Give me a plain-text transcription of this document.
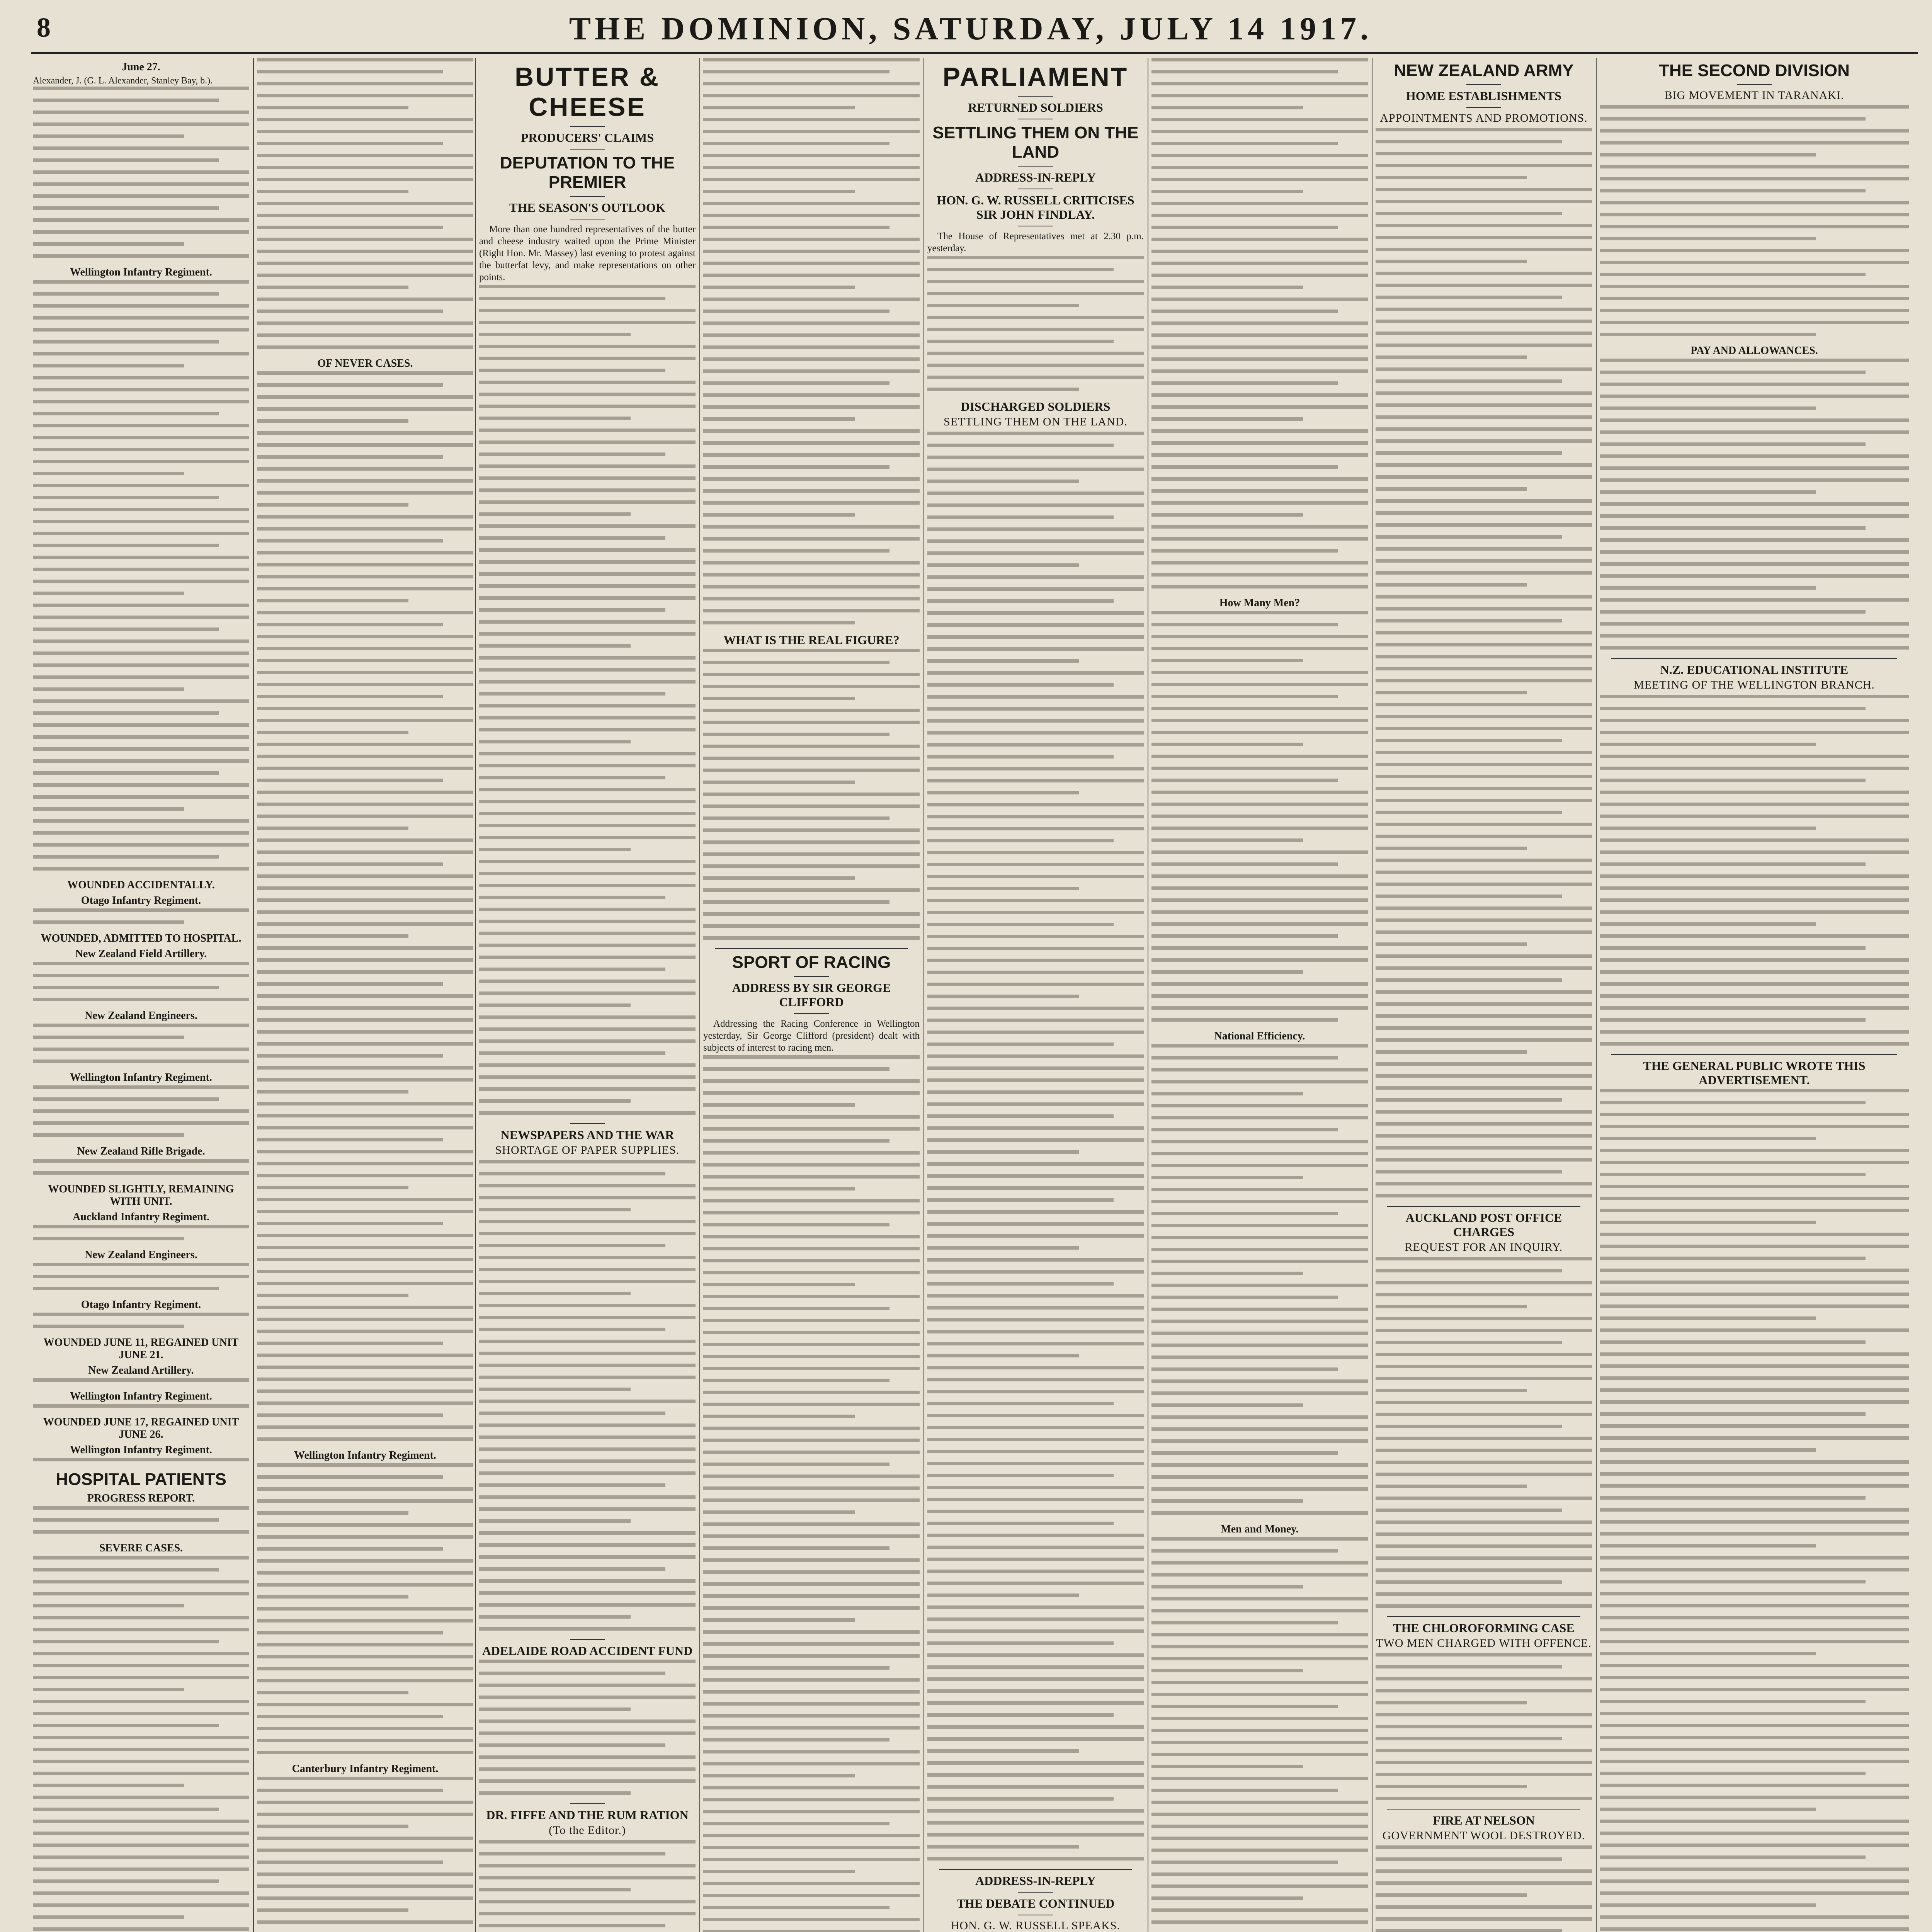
8	THE DOMINION, SATURDAY, JULY 14 1917.

June 27.

Alexander, J. (G. L. Alexander, Stanley Bay, b.).

Wellington Infantry Regiment.

WOUNDED ACCIDENTALLY.

Otago Infantry Regiment.

WOUNDED, ADMITTED TO HOSPITAL.

New Zealand Field Artillery.

New Zealand Engineers.

Wellington Infantry Regiment.

New Zealand Rifle Brigade.

WOUNDED SLIGHTLY, REMAINING WITH UNIT.

Auckland Infantry Regiment.

New Zealand Engineers.

Otago Infantry Regiment.

WOUNDED JUNE 11, REGAINED UNIT JUNE 21.

New Zealand Artillery.

Wellington Infantry Regiment.

WOUNDED JUNE 17, REGAINED UNIT JUNE 26.

Wellington Infantry Regiment.

HOSPITAL PATIENTS

PROGRESS REPORT.

SEVERE CASES.

OF NEVER CASES.

Wellington Infantry Regiment.

Canterbury Infantry Regiment.

BUTTER & CHEESE

PRODUCERS' CLAIMS

DEPUTATION TO THE PREMIER

THE SEASON'S OUTLOOK

More than one hundred representatives of the butter and cheese industry waited upon the Prime Minister (Right Hon. Mr. Massey) last evening to protest against the butterfat levy, and make representations on other points.

NEWSPAPERS AND THE WAR

SHORTAGE OF PAPER SUPPLIES.

ADELAIDE ROAD ACCIDENT FUND

DR. FIFFE AND THE RUM RATION

(To the Editor.)

WHAT IS THE REAL FIGURE?

SPORT OF RACING

ADDRESS BY SIR GEORGE CLIFFORD

Addressing the Racing Conference in Wellington yesterday, Sir George Clifford (president) dealt with subjects of interest to racing men.

PARLIAMENT

RETURNED SOLDIERS

SETTLING THEM ON THE LAND

ADDRESS-IN-REPLY

HON. G. W. RUSSELL CRITICISES SIR JOHN FINDLAY.

The House of Representatives met at 2.30 p.m. yesterday.

DISCHARGED SOLDIERS

SETTLING THEM ON THE LAND.

ADDRESS-IN-REPLY

THE DEBATE CONTINUED

HON. G. W. RUSSELL SPEAKS.

How Many Men?

National Efficiency.

Men and Money.

NEW ZEALAND ARMY

HOME ESTABLISHMENTS

APPOINTMENTS AND PROMOTIONS.

AUCKLAND POST OFFICE CHARGES

REQUEST FOR AN INQUIRY.

THE CHLOROFORMING CASE

TWO MEN CHARGED WITH OFFENCE.

FIRE AT NELSON

GOVERNMENT WOOL DESTROYED.

THE SECOND DIVISION

BIG MOVEMENT IN TARANAKI.

PAY AND ALLOWANCES.

N.Z. EDUCATIONAL INSTITUTE

MEETING OF THE WELLINGTON BRANCH.

THE GENERAL PUBLIC WROTE THIS ADVERTISEMENT.
